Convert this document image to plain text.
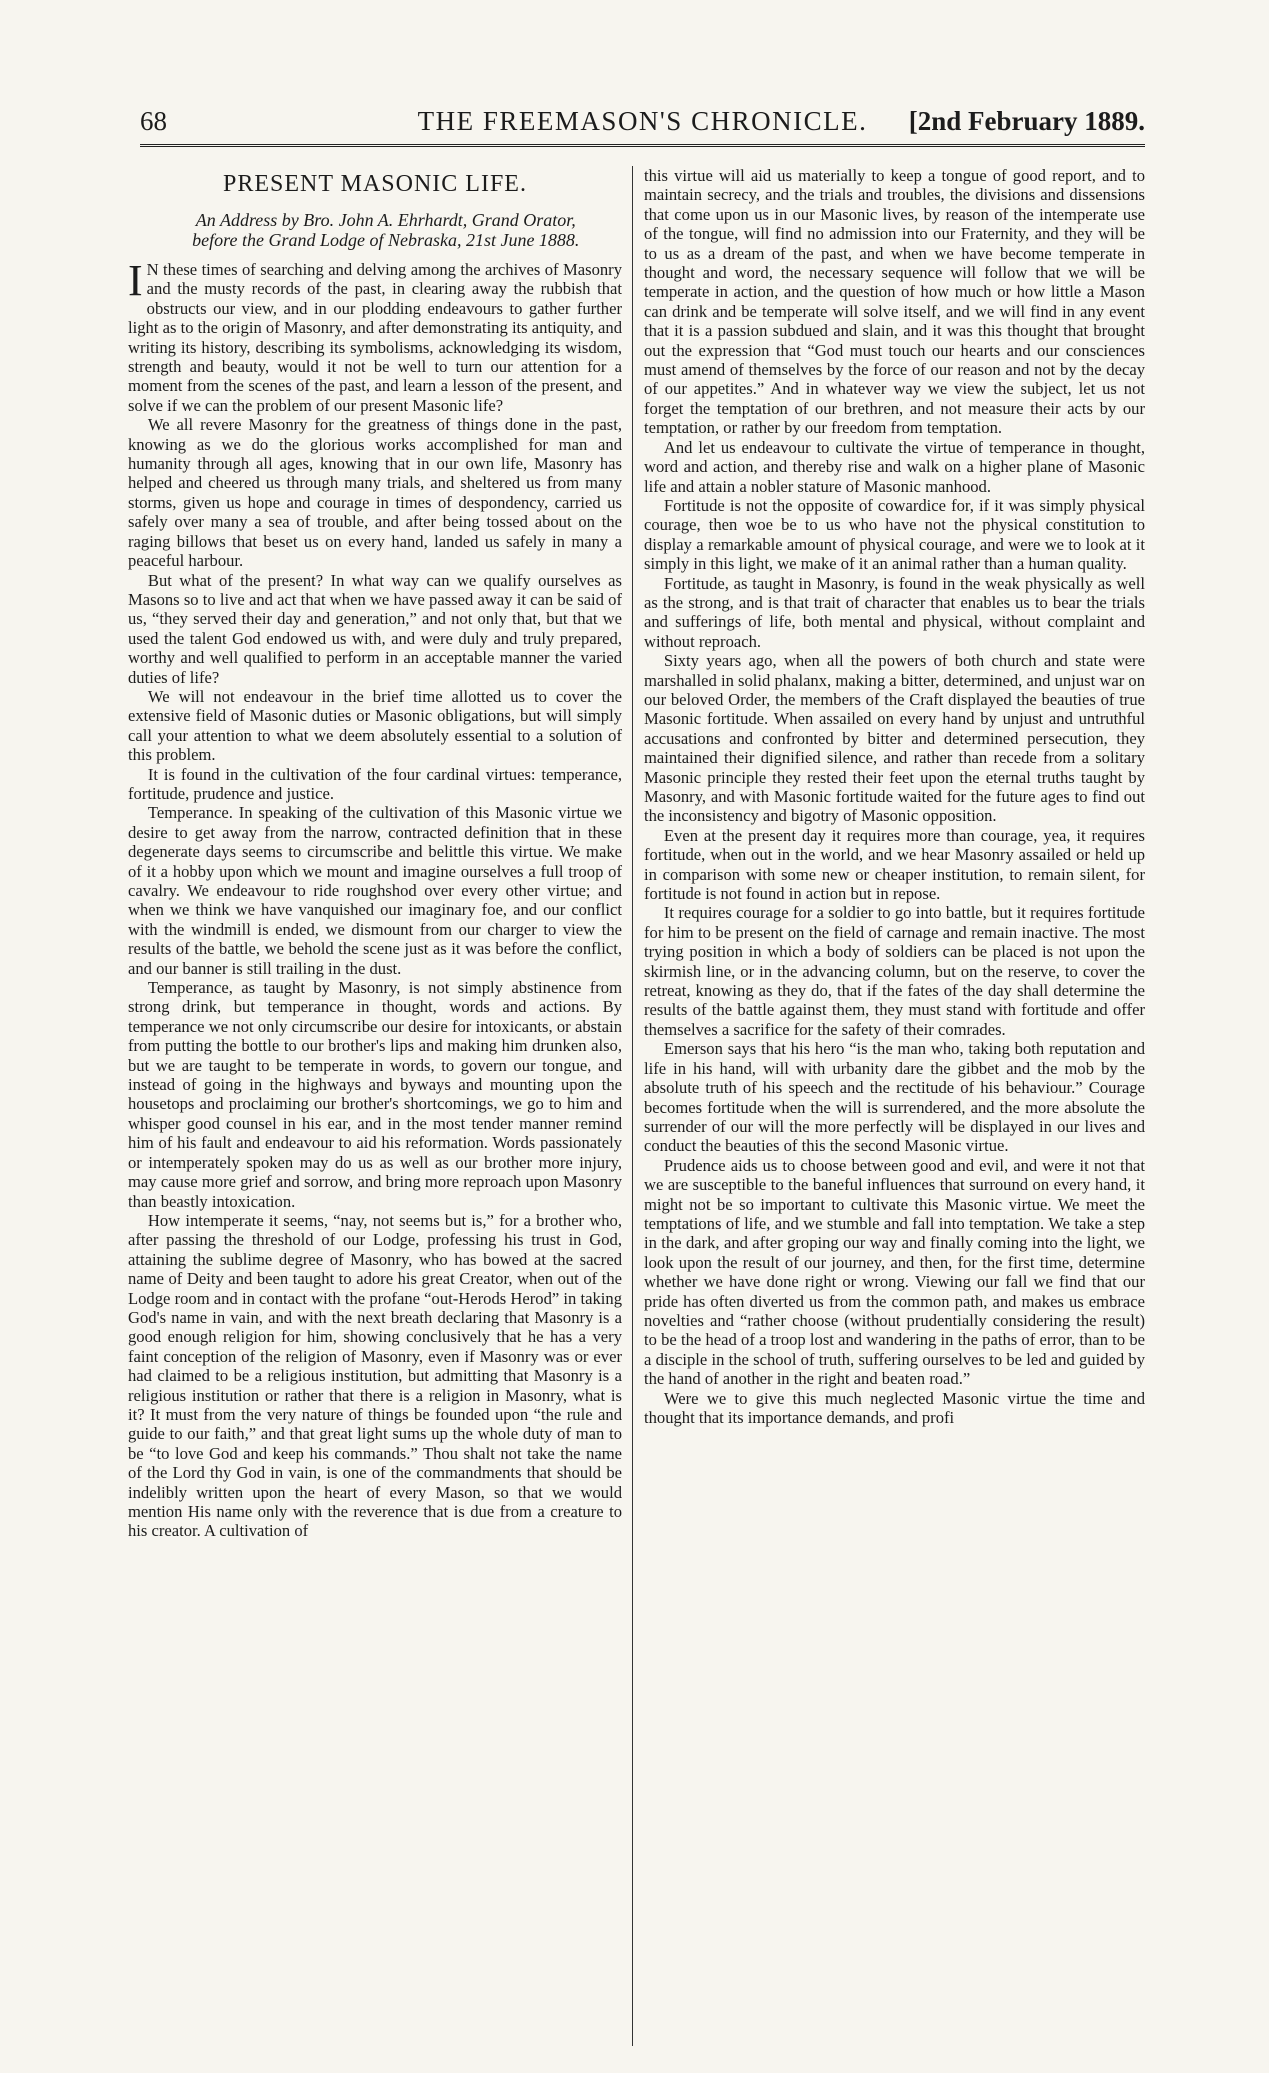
68	THE FREEMASON'S CHRONICLE.	[2nd February 1889.
PRESENT MASONIC LIFE.

An Address by Bro. John A. Ehrhardt, Grand Orator,

before the Grand Lodge of Nebraska, 21st June 1888.

I N these times of searching and delving among the archives of Masonry and the musty records of the past, in clearing away the rubbish that obstructs our view, and in our plodding endeavours to gather further light as to the origin of Masonry, and after demonstrating its antiquity, and writing its history, describing its symbolisms, acknowledging its wisdom, strength and beauty, would it not be well to turn our attention for a moment from the scenes of the past, and learn a lesson of the present, and solve if we can the problem of our present Masonic life?

We all revere Masonry for the greatness of things done in the past, knowing as we do the glorious works accomplished for man and humanity through all ages, knowing that in our own life, Masonry has helped and cheered us through many trials, and sheltered us from many storms, given us hope and courage in times of despondency, carried us safely over many a sea of trouble, and after being tossed about on the raging billows that beset us on every hand, landed us safely in many a peaceful harbour.

But what of the present? In what way can we qualify ourselves as Masons so to live and act that when we have passed away it can be said of us, “they served their day and generation,” and not only that, but that we used the talent God endowed us with, and were duly and truly prepared, worthy and well qualified to perform in an acceptable manner the varied duties of life?

We will not endeavour in the brief time allotted us to cover the extensive field of Masonic duties or Masonic obligations, but will simply call your attention to what we deem absolutely essential to a solution of this problem.

It is found in the cultivation of the four cardinal virtues: temperance, fortitude, prudence and justice.

Temperance. In speaking of the cultivation of this Masonic virtue we desire to get away from the narrow, contracted definition that in these degenerate days seems to circumscribe and belittle this virtue. We make of it a hobby upon which we mount and imagine ourselves a full troop of cavalry. We endeavour to ride roughshod over every other virtue; and when we think we have vanquished our imaginary foe, and our conflict with the windmill is ended, we dismount from our charger to view the results of the battle, we behold the scene just as it was before the conflict, and our banner is still trailing in the dust.

Temperance, as taught by Masonry, is not simply abstinence from strong drink, but temperance in thought, words and actions. By temperance we not only circumscribe our desire for intoxicants, or abstain from putting the bottle to our brother's lips and making him drunken also, but we are taught to be temperate in words, to govern our tongue, and instead of going in the highways and byways and mounting upon the housetops and proclaiming our brother's shortcomings, we go to him and whisper good counsel in his ear, and in the most tender manner remind him of his fault and endeavour to aid his reformation. Words passionately or intemperately spoken may do us as well as our brother more injury, may cause more grief and sorrow, and bring more reproach upon Masonry than beastly intoxication.

How intemperate it seems, “nay, not seems but is,” for a brother who, after passing the threshold of our Lodge, professing his trust in God, attaining the sublime degree of Masonry, who has bowed at the sacred name of Deity and been taught to adore his great Creator, when out of the Lodge room and in contact with the profane “out-Herods Herod” in taking God's name in vain, and with the next breath declaring that Masonry is a good enough religion for him, showing conclusively that he has a very faint conception of the religion of Masonry, even if Masonry was or ever had claimed to be a religious institution, but admitting that Masonry is a religious institution or rather that there is a religion in Masonry, what is it? It must from the very nature of things be founded upon “the rule and guide to our faith,” and that great light sums up the whole duty of man to be “to love God and keep his commands.” Thou shalt not take the name of the Lord thy God in vain, is one of the commandments that should be indelibly written upon the heart of every Mason, so that we would mention His name only with the reverence that is due from a creature to his creator. A cultivation of

this virtue will aid us materially to keep a tongue of good report, and to maintain secrecy, and the trials and troubles, the divisions and dissensions that come upon us in our Masonic lives, by reason of the intemperate use of the tongue, will find no admission into our Fraternity, and they will be to us as a dream of the past, and when we have become temperate in thought and word, the necessary sequence will follow that we will be temperate in action, and the question of how much or how little a Mason can drink and be temperate will solve itself, and we will find in any event that it is a passion subdued and slain, and it was this thought that brought out the expression that “God must touch our hearts and our consciences must amend of themselves by the force of our reason and not by the decay of our appetites.” And in whatever way we view the subject, let us not forget the temptation of our brethren, and not measure their acts by our temptation, or rather by our freedom from temptation.

And let us endeavour to cultivate the virtue of temperance in thought, word and action, and thereby rise and walk on a higher plane of Masonic life and attain a nobler stature of Masonic manhood.

Fortitude is not the opposite of cowardice for, if it was simply physical courage, then woe be to us who have not the physical constitution to display a remarkable amount of physical courage, and were we to look at it simply in this light, we make of it an animal rather than a human quality.

Fortitude, as taught in Masonry, is found in the weak physically as well as the strong, and is that trait of character that enables us to bear the trials and sufferings of life, both mental and physical, without complaint and without reproach.

Sixty years ago, when all the powers of both church and state were marshalled in solid phalanx, making a bitter, determined, and unjust war on our beloved Order, the members of the Craft displayed the beauties of true Masonic fortitude. When assailed on every hand by unjust and untruthful accusations and confronted by bitter and determined persecution, they maintained their dignified silence, and rather than recede from a solitary Masonic principle they rested their feet upon the eternal truths taught by Masonry, and with Masonic fortitude waited for the future ages to find out the inconsistency and bigotry of Masonic opposition.

Even at the present day it requires more than courage, yea, it requires fortitude, when out in the world, and we hear Masonry assailed or held up in comparison with some new or cheaper institution, to remain silent, for fortitude is not found in action but in repose.

It requires courage for a soldier to go into battle, but it requires fortitude for him to be present on the field of carnage and remain inactive. The most trying position in which a body of soldiers can be placed is not upon the skirmish line, or in the advancing column, but on the reserve, to cover the retreat, knowing as they do, that if the fates of the day shall determine the results of the battle against them, they must stand with fortitude and offer themselves a sacrifice for the safety of their comrades.

Emerson says that his hero “is the man who, taking both reputation and life in his hand, will with urbanity dare the gibbet and the mob by the absolute truth of his speech and the rectitude of his behaviour.” Courage becomes fortitude when the will is surrendered, and the more absolute the surrender of our will the more perfectly will be displayed in our lives and conduct the beauties of this the second Masonic virtue.

Prudence aids us to choose between good and evil, and were it not that we are susceptible to the baneful influences that surround on every hand, it might not be so important to cultivate this Masonic virtue. We meet the temptations of life, and we stumble and fall into temptation. We take a step in the dark, and after groping our way and finally coming into the light, we look upon the result of our journey, and then, for the first time, determine whether we have done right or wrong. Viewing our fall we find that our pride has often diverted us from the common path, and makes us embrace novelties and “rather choose (without prudentially considering the result) to be the head of a troop lost and wandering in the paths of error, than to be a disciple in the school of truth, suffering ourselves to be led and guided by the hand of another in the right and beaten road.”

Were we to give this much neglected Masonic virtue the time and thought that its importance demands, and profi
